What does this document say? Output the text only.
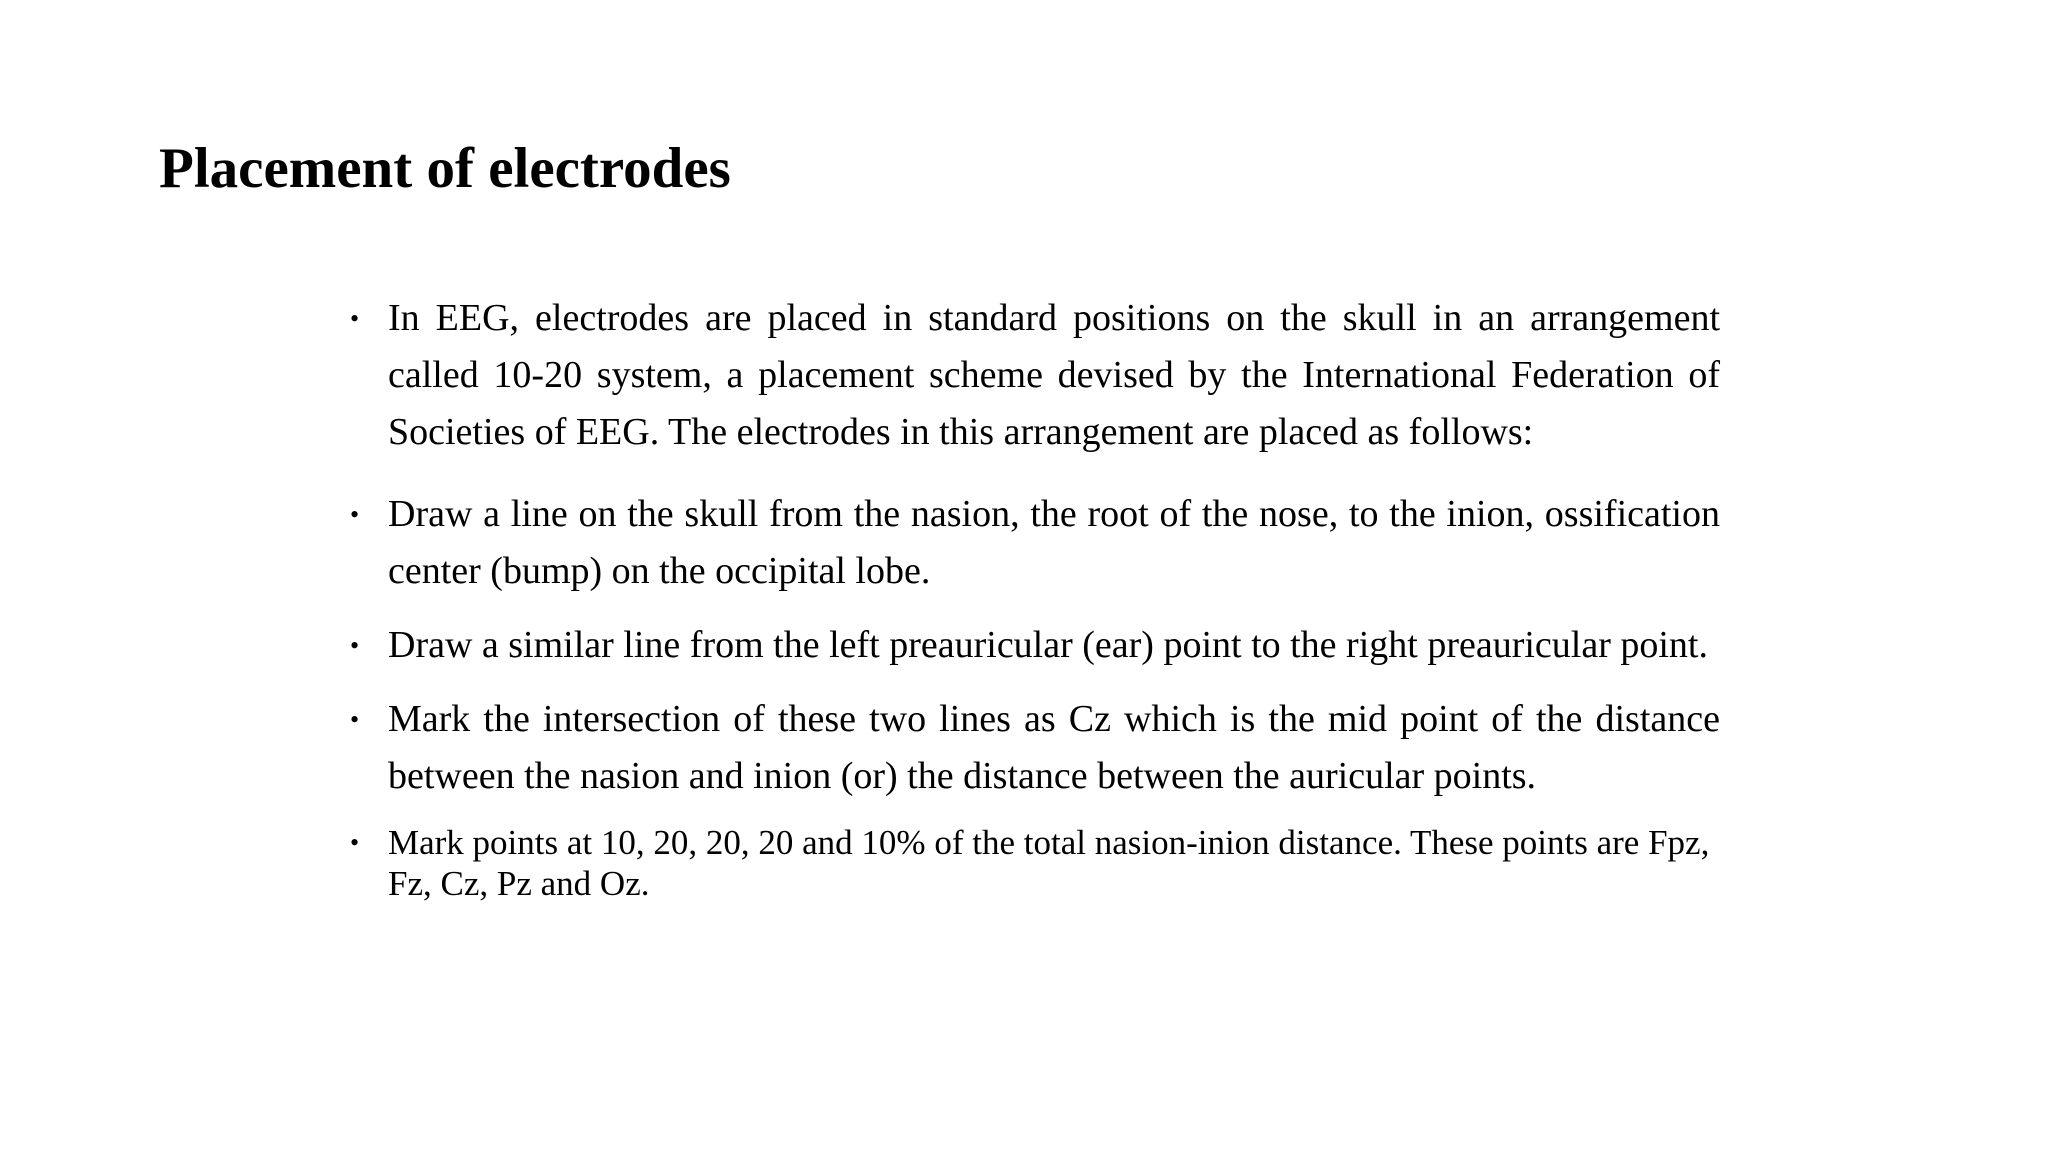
Placement of electrodes
• In EEG, electrodes are placed in standard positions on the skull in an arrangement called 10-20 system, a placement scheme devised by the International Federation of Societies of EEG. The electrodes in this arrangement are placed as follows:
• Draw a line on the skull from the nasion, the root of the nose, to the inion, ossification center (bump) on the occipital lobe.
• Draw a similar line from the left preauricular (ear) point to the right preauricular point.
• Mark the intersection of these two lines as Cz which is the mid point of the distance between the nasion and inion (or) the distance between the auricular points.
• Mark points at 10, 20, 20, 20 and 10% of the total nasion-inion distance. These points are Fpz, Fz, Cz, Pz and Oz.
